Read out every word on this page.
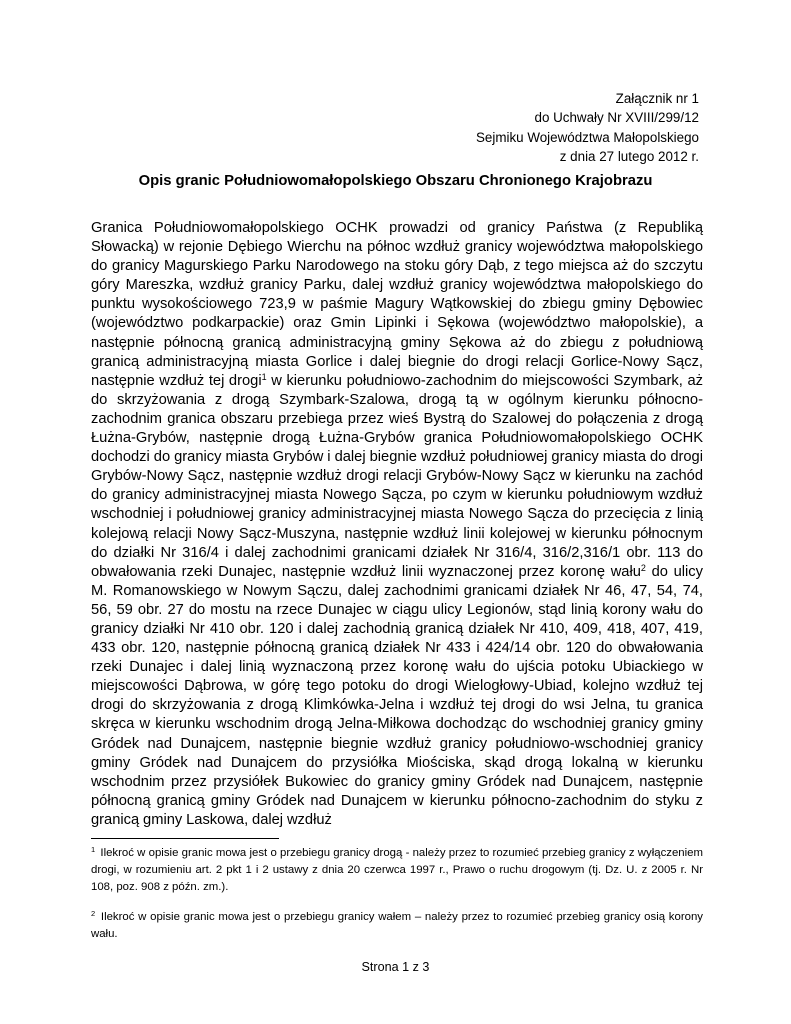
Załącznik nr 1
do Uchwały Nr XVIII/299/12
Sejmiku Województwa Małopolskiego
z dnia 27 lutego 2012 r.
Opis granic Południowomałopolskiego Obszaru Chronionego Krajobrazu

Granica Południowomałopolskiego OCHK prowadzi od granicy Państwa (z Republiką Słowacką) w rejonie Dębiego Wierchu na północ wzdłuż granicy województwa małopolskiego do granicy Magurskiego Parku Narodowego na stoku góry Dąb, z tego miejsca aż do szczytu góry Mareszka, wzdłuż granicy Parku, dalej wzdłuż granicy województwa małopolskiego do punktu wysokościowego 723,9 w paśmie Magury Wątkowskiej do zbiegu gminy Dębowiec (województwo podkarpackie) oraz Gmin Lipinki i Sękowa (województwo małopolskie), a następnie północną granicą administracyjną gminy Sękowa aż do zbiegu z południową granicą administracyjną miasta Gorlice i dalej biegnie do drogi relacji Gorlice-Nowy Sącz, następnie wzdłuż tej drogi$^1$ w kierunku południowo-zachodnim do miejscowości Szymbark, aż do skrzyżowania z drogą Szymbark-Szalowa, drogą tą w ogólnym kierunku północno-zachodnim granica obszaru przebiega przez wieś Bystrą do Szalowej do połączenia z drogą Łużna-Grybów, następnie drogą Łużna-Grybów granica Południowomałopolskiego OCHK dochodzi do granicy miasta Grybów i dalej biegnie wzdłuż południowej granicy miasta do drogi Grybów-Nowy Sącz, następnie wzdłuż drogi relacji Grybów-Nowy Sącz w kierunku na zachód do granicy administracyjnej miasta Nowego Sącza, po czym w kierunku południowym wzdłuż wschodniej i południowej granicy administracyjnej miasta Nowego Sącza do przecięcia z linią kolejową relacji Nowy Sącz-Muszyna, następnie wzdłuż linii kolejowej w kierunku północnym do działki Nr 316/4 i dalej zachodnimi granicami działek Nr 316/4, 316/2,316/1 obr. 113 do obwałowania rzeki Dunajec, następnie wzdłuż linii wyznaczonej przez koronę wału$^2$ do ulicy M. Romanowskiego w Nowym Sączu, dalej zachodnimi granicami działek Nr 46, 47, 54, 74, 56, 59 obr. 27 do mostu na rzece Dunajec w ciągu ulicy Legionów, stąd linią korony wału do granicy działki Nr 410 obr. 120 i dalej zachodnią granicą działek Nr 410, 409, 418, 407, 419, 433 obr. 120, następnie północną granicą działek Nr 433 i 424/14 obr. 120 do obwałowania rzeki Dunajec i dalej linią wyznaczoną przez koronę wału do ujścia potoku Ubiackiego w miejscowości Dąbrowa, w górę tego potoku do drogi Wielogłowy-Ubiad, kolejno wzdłuż tej drogi do skrzyżowania z drogą Klimkówka-Jelna i wzdłuż tej drogi do wsi Jelna, tu granica skręca w kierunku wschodnim drogą Jelna-Miłkowa dochodząc do wschodniej granicy gminy Gródek nad Dunajcem, następnie biegnie wzdłuż granicy południowo-wschodniej granicy gminy Gródek nad Dunajcem do przysiółka Miościska, skąd drogą lokalną w kierunku wschodnim przez przysiółek Bukowiec do granicy gminy Gródek nad Dunajcem, następnie północną granicą gminy Gródek nad Dunajcem w kierunku północno-zachodnim do styku z granicą gminy Laskowa, dalej wzdłuż

$^1$ Ilekroć w opisie granic mowa jest o przebiegu granicy drogą - należy przez to rozumieć przebieg granicy z wyłączeniem drogi, w rozumieniu art. 2 pkt 1 i 2 ustawy z dnia 20 czerwca 1997 r., Prawo o ruchu drogowym (tj. Dz. U. z 2005 r. Nr 108, poz. 908 z późn. zm.).

$^2$ Ilekroć w opisie granic mowa jest o przebiegu granicy wałem – należy przez to rozumieć przebieg granicy osią korony wału.

Strona 1 z 3
